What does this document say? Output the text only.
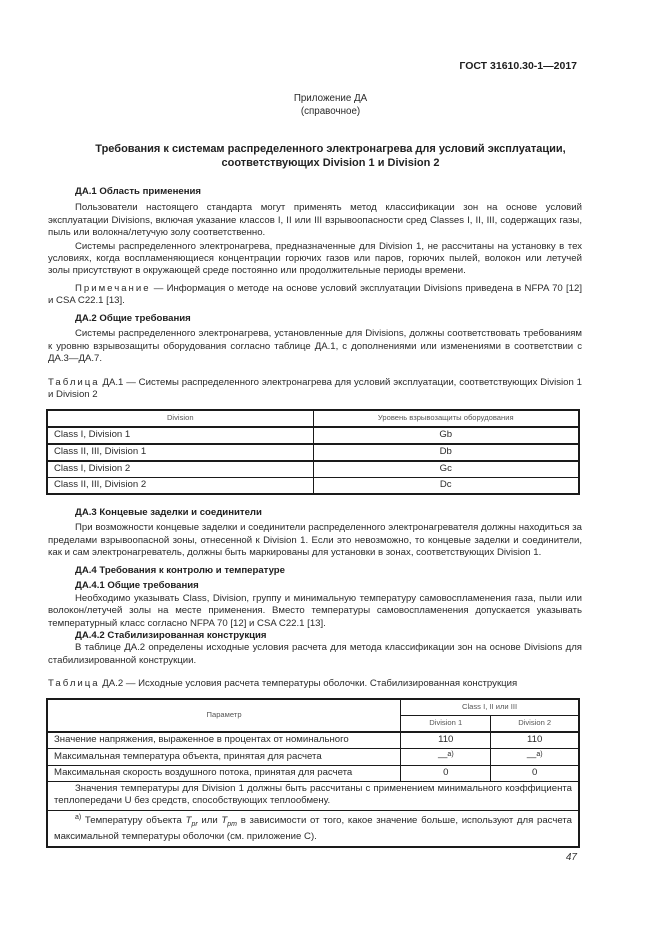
ГОСТ 31610.30-1—2017
Приложение ДА
(справочное)
Требования к системам распределенного электронагрева для условий эксплуатации,
соответствующих Division 1 и Division 2
ДА.1 Область применения

Пользователи настоящего стандарта могут применять метод классификации зон на основе условий эксплуатации Divisions, включая указание классов I, II или III взрывоопасности сред Classes I, II, III, содержащих газы, пыль или волокна/летучую золу соответственно.

Системы распределенного электронагрева, предназначенные для Division 1, не рассчитаны на установку в тех условиях, когда воспламеняющиеся концентрации горючих газов или паров, горючих пылей, волокон или летучей золы присутствуют в окружающей среде постоянно или продолжительные периоды времени.

Примечание — Информация о методе на основе условий эксплуатации Divisions приведена в NFPA 70 [12] и CSA C22.1 [13].

ДА.2 Общие требования

Системы распределенного электронагрева, установленные для Divisions, должны соответствовать требованиям к уровню взрывозащиты оборудования согласно таблице ДА.1, с дополнениями или изменениями в соответствии с ДА.3—ДА.7.

Таблица ДА.1 — Системы распределенного электронагрева для условий эксплуатации, соответствующих Division 1 и Division 2
Division	Уровень взрывозащиты оборудования
Class I, Division 1	Gb
Class II, III, Division 1	Db
Class I, Division 2	Gc
Class II, III, Division 2	Dc
ДА.3 Концевые заделки и соединители

При возможности концевые заделки и соединители распределенного электронагревателя должны находиться за пределами взрывоопасной зоны, отнесенной к Division 1. Если это невозможно, то концевые заделки и соединители, как и сам электронагреватель, должны быть маркированы для установки в зонах, соответствующих Division 1.

ДА.4 Требования к контролю и температуре
ДА.4.1 Общие требования

Необходимо указывать Class, Division, группу и минимальную температуру самовоспламенения газа, пыли или волокон/летучей золы на месте применения. Вместо температуры самовоспламенения допускается указывать температурный класс согласно NFPA 70 [12] и CSA C22.1 [13].

ДА.4.2 Стабилизированная конструкция

В таблице ДА.2 определены исходные условия расчета для метода классификации зон на основе Divisions для стабилизированной конструкции.

Таблица ДА.2 — Исходные условия расчета температуры оболочки. Стабилизированная конструкция
Параметр	Class I, II или III	
	Division 1	Division 2
Значение напряжения, выраженное в процентах от номинального	110	110
Максимальная температура объекта, принятая для расчета	—$^{a)}$	—$^{a)}$
Максимальная скорость воздушного потока, принятая для расчета	0	0
Значения температуры для Division 1 должны быть рассчитаны с применением минимального коэффициента теплопередачи U без средств, способствующих теплообмену.		
$^{a)}$ Температуру объекта $T_{pr}$ или $T_{pm}$ в зависимости от того, какое значение больше, используют для расчета максимальной температуры оболочки (см. приложение С).		
47
